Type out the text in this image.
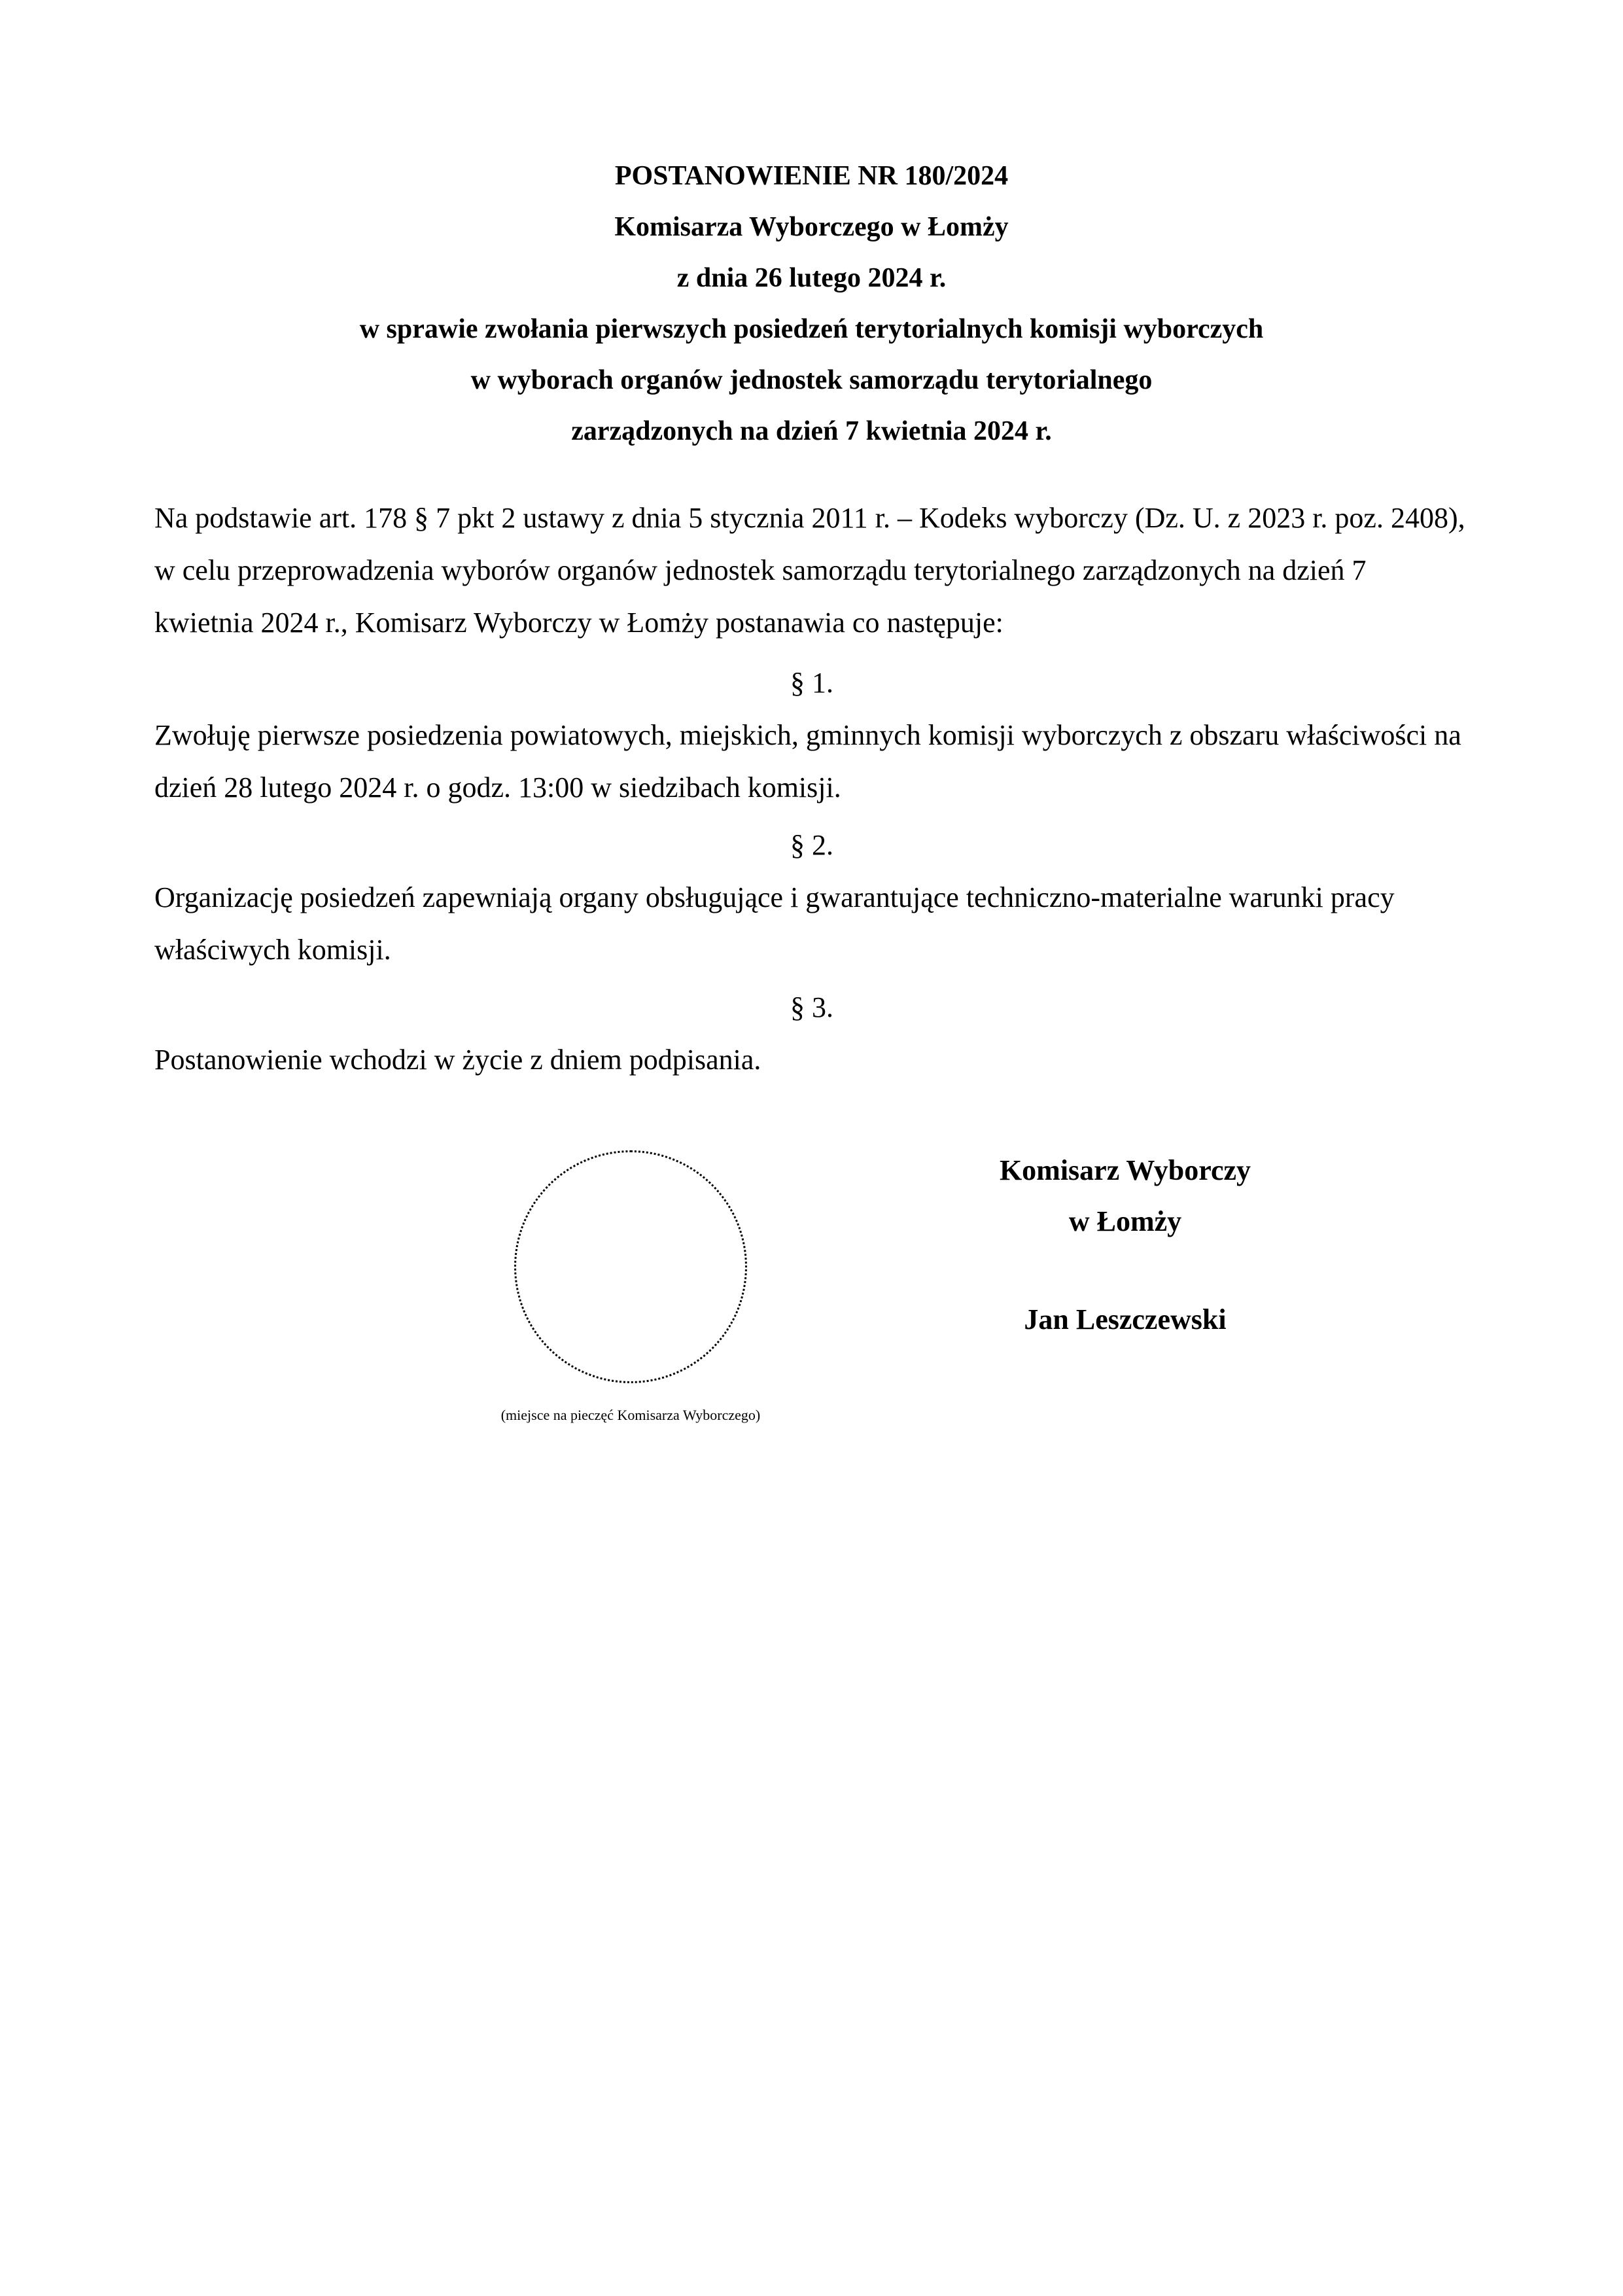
POSTANOWIENIE NR 180/2024
Komisarza Wyborczego w Łomży
z dnia 26 lutego 2024 r.
w sprawie zwołania pierwszych posiedzeń terytorialnych komisji wyborczych
w wyborach organów jednostek samorządu terytorialnego
zarządzonych na dzień 7 kwietnia 2024 r.

Na podstawie art. 178 § 7 pkt 2 ustawy z dnia 5 stycznia 2011 r. – Kodeks wyborczy (Dz. U. z 2023 r. poz. 2408), w celu przeprowadzenia wyborów organów jednostek samorządu terytorialnego zarządzonych na dzień 7 kwietnia 2024 r., Komisarz Wyborczy w Łomży postanawia co następuje:

§ 1.

Zwołuję pierwsze posiedzenia powiatowych, miejskich, gminnych komisji wyborczych z obszaru właściwości na dzień 28 lutego 2024 r. o godz. 13:00 w siedzibach komisji.

§ 2.

Organizację posiedzeń zapewniają organy obsługujące i gwarantujące techniczno-materialne warunki pracy właściwych komisji.

§ 3.

Postanowienie wchodzi w życie z dniem podpisania.

(miejsce na pieczęć Komisarza Wyborczego)
Komisarz Wyborczy
w Łomży
Jan Leszczewski
